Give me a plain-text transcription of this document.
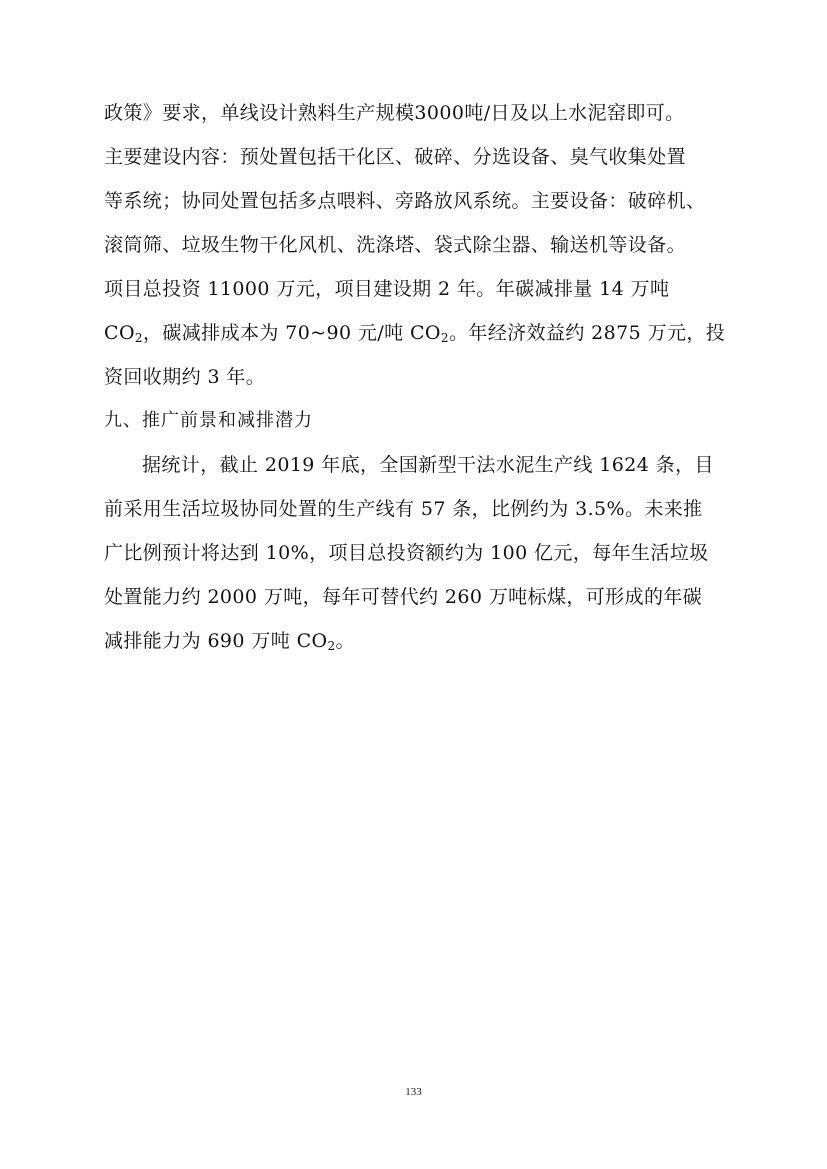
政策》要求，单线设计熟料生产规模3000吨/日及以上水泥窑即可。
主要建设内容：预处置包括干化区、破碎、分选设备、臭气收集处置
等系统；协同处置包括多点喂料、旁路放风系统。主要设备：破碎机、
滚筒筛、垃圾生物干化风机、洗涤塔、袋式除尘器、输送机等设备。
项目总投资 11000 万元，项目建设期 2 年。年碳减排量 14 万吨
$CO_2$，碳减排成本为 70~90 元/吨 $CO_2$。年经济效益约 2875 万元，投
资回收期约 3 年。
九、推广前景和减排潜力
据统计，截止 2019 年底，全国新型干法水泥生产线 1624 条，目
前采用生活垃圾协同处置的生产线有 57 条，比例约为 3.5%。未来推
广比例预计将达到 10%，项目总投资额约为 100 亿元，每年生活垃圾
处置能力约 2000 万吨，每年可替代约 260 万吨标煤，可形成的年碳
减排能力为 690 万吨 $CO_2$。
133
